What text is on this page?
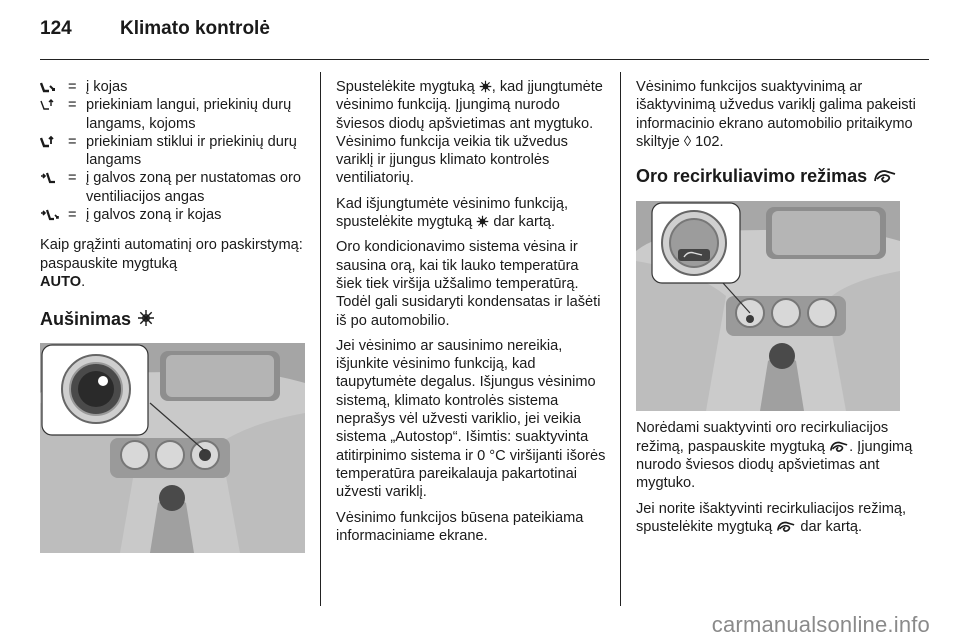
124	Klimato kontrolė
= į kojas
= priekiniam langui, priekinių durų langams, kojoms
= priekiniam stiklui ir priekinių durų langams
= į galvos zoną per nustatomas oro ventiliacijos angas
= į galvos zoną ir kojas

Kaip grąžinti automatinį oro paskirstymą: paspauskite mygtuką
AUTO.

Aušinimas

Spustelėkite mygtuką , kad įjungtumėte vėsinimo funkciją. Įjungimą nurodo šviesos diodų apšvietimas ant mygtuko. Vėsinimo funkcija veikia tik užvedus variklį ir įjungus klimato kontrolės ventiliatorių.

Kad išjungtumėte vėsinimo funkciją, spustelėkite mygtuką  dar kartą.

Oro kondicionavimo sistema vėsina ir sausina orą, kai tik lauko temperatūra šiek tiek viršija užšalimo temperatūrą. Todėl gali susidaryti kondensatas ir lašėti iš po automobilio.

Jei vėsinimo ar sausinimo nereikia, išjunkite vėsinimo funkciją, kad taupytumėte degalus. Išjungus vėsinimo sistemą, klimato kontrolės sistema neprašys vėl užvesti variklio, jei veikia sistema „Autostop“. Išimtis: suaktyvinta atitirpinimo sistema ir 0 °C viršijanti išorės temperatūra pareikalauja pakartotinai užvesti variklį.

Vėsinimo funkcijos būsena pateikiama informaciniame ekrane.

Vėsinimo funkcijos suaktyvinimą ar išaktyvinimą užvedus variklį galima pakeisti informacinio ekrano automobilio pritaikymo skiltyje ◊ 102.

Oro recirkuliavimo režimas

Norėdami suaktyvinti oro recirkuliacijos režimą, paspauskite mygtuką . Įjungimą nurodo šviesos diodų apšvietimas ant mygtuko.

Jei norite išaktyvinti recirkuliacijos režimą, spustelėkite mygtuką  dar kartą.

carmanualsonline.info
